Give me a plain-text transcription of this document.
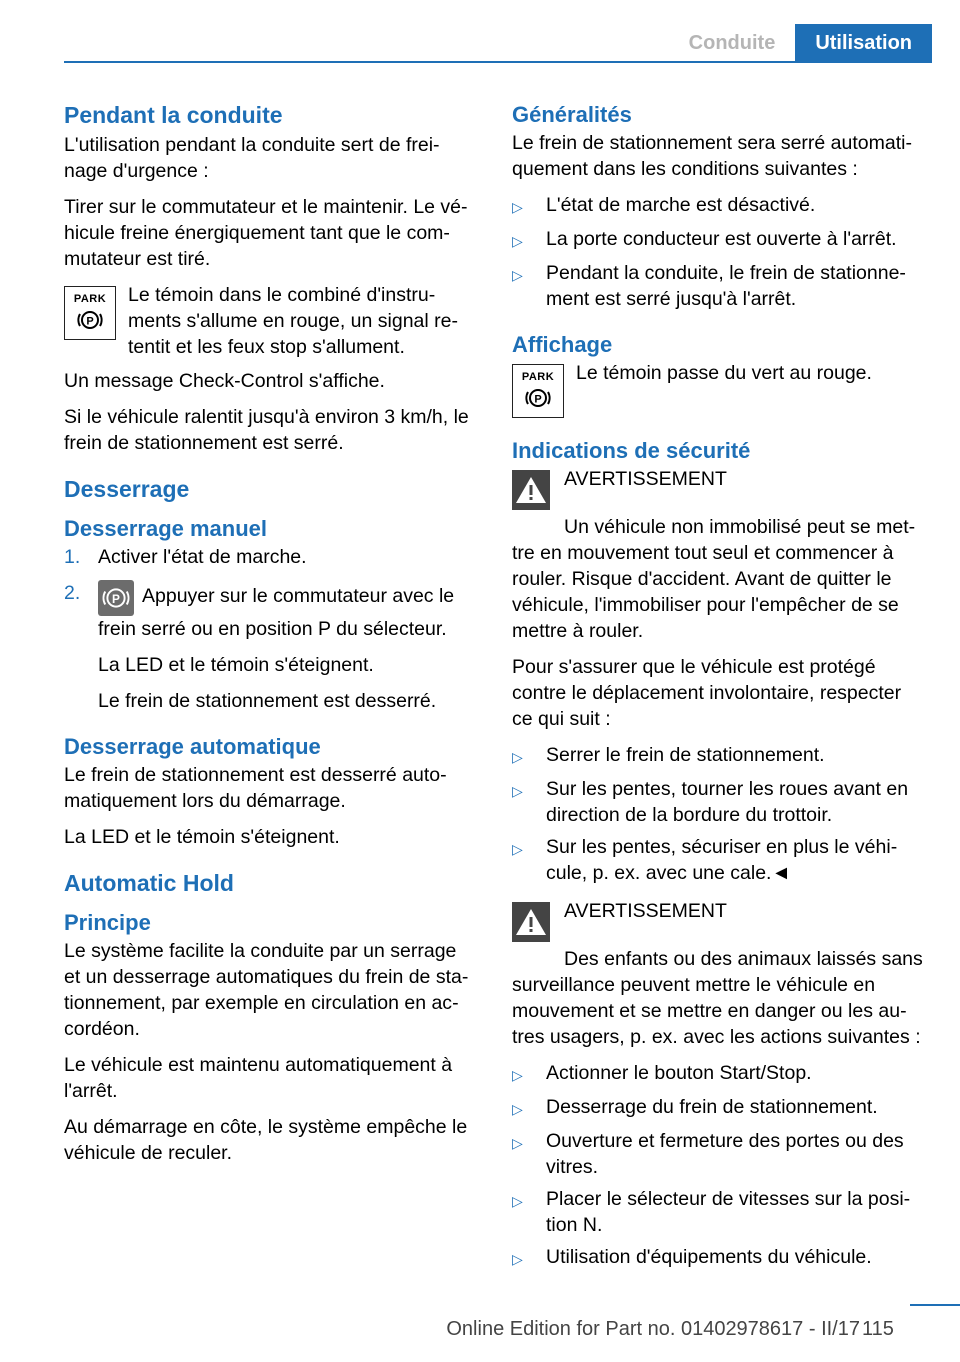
Conduite	Utilisation
Pendant la conduite

L'utilisation pendant la conduite sert de freinage d'urgence :

Tirer sur le commutateur et le maintenir. Le véhicule freine énergiquement tant que le commutateur est tiré.

PARK
P
Le témoin dans le combiné d'instruments s'allume en rouge, un signal retentit et les feux stop s'allument.

Un message Check-Control s'affiche.

Si le véhicule ralentit jusqu'à environ 3 km/h, le frein de stationnement est serré.

Desserrage
Desserrage manuel
1. Activer l'état de marche.
2.	P Appuyer sur le commutateur avec le frein serré ou en position P du sélecteur.

La LED et le témoin s'éteignent.

Le frein de stationnement est desserré.

Desserrage automatique

Le frein de stationnement est desserré automatiquement lors du démarrage.

La LED et le témoin s'éteignent.

Automatic Hold
Principe

Le système facilite la conduite par un serrage et un desserrage automatiques du frein de stationnement, par exemple en circulation en accordéon.

Le véhicule est maintenu automatiquement à l'arrêt.

Au démarrage en côte, le système empêche le véhicule de reculer.

Généralités

Le frein de stationnement sera serré automatiquement dans les conditions suivantes :

▷	L'état de marche est désactivé.
▷	La porte conducteur est ouverte à l'arrêt.
▷	Pendant la conduite, le frein de stationnement est serré jusqu'à l'arrêt.
Affichage
PARK
P
Le témoin passe du vert au rouge.
Indications de sécurité
AVERTISSEMENT
Un véhicule non immobilisé peut se mettre en mouvement tout seul et commencer à rouler. Risque d'accident. Avant de quitter le véhicule, l'immobiliser pour l'empêcher de se mettre à rouler.

Pour s'assurer que le véhicule est protégé contre le déplacement involontaire, respecter ce qui suit :

▷	Serrer le frein de stationnement.
▷	Sur les pentes, tourner les roues avant en direction de la bordure du trottoir.
▷	Sur les pentes, sécuriser en plus le véhicule, p. ex. avec une cale.◄
AVERTISSEMENT
Des enfants ou des animaux laissés sans surveillance peuvent mettre le véhicule en mouvement et se mettre en danger ou les autres usagers, p. ex. avec les actions suivantes :
▷	Actionner le bouton Start/Stop.
▷	Desserrage du frein de stationnement.
▷	Ouverture et fermeture des portes ou des vitres.
▷	Placer le sélecteur de vitesses sur la position N.
▷	Utilisation d'équipements du véhicule.
Online Edition for Part no. 01402978617 - II/17 115
